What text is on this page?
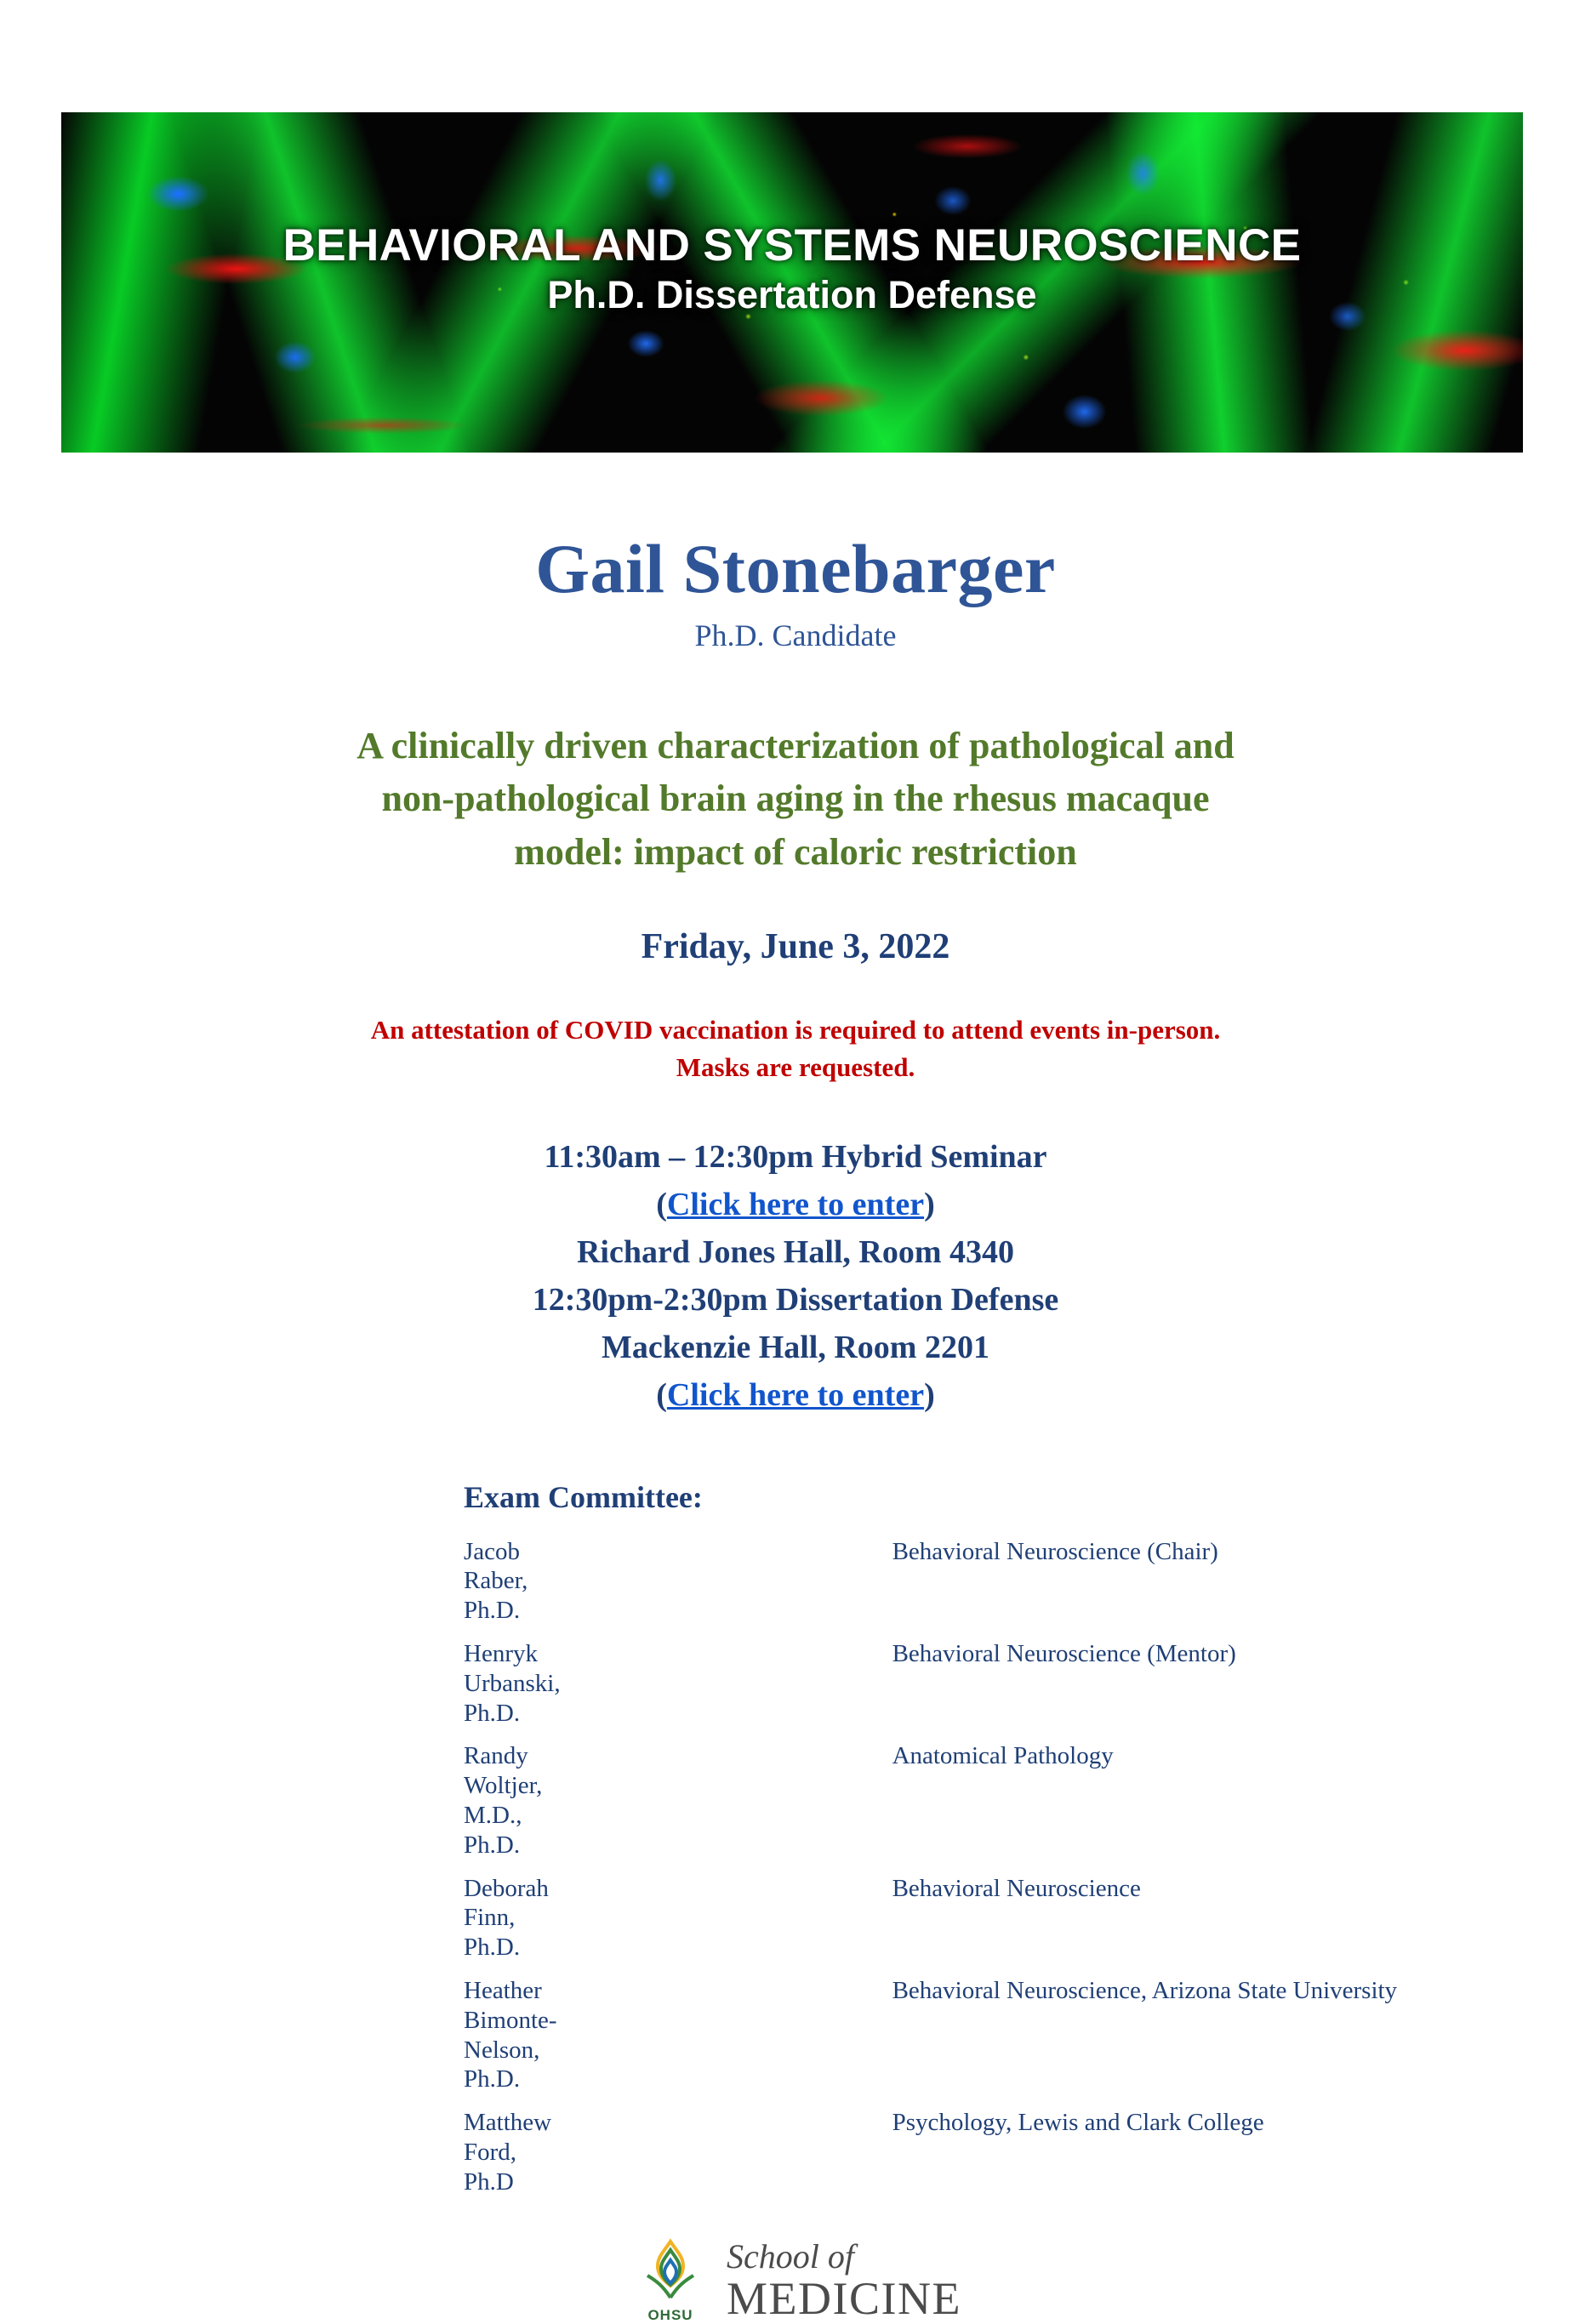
BEHAVIORAL AND SYSTEMS NEUROSCIENCE
Ph.D. Dissertation Defense
Gail Stonebarger
Ph.D. Candidate
A clinically driven characterization of pathological and
non-pathological brain aging in the rhesus macaque
model: impact of caloric restriction
Friday, June 3, 2022
An attestation of COVID vaccination is required to attend events in-person.
Masks are requested.
11:30am – 12:30pm Hybrid Seminar
(Click here to enter)
Richard Jones Hall, Room 4340
12:30pm-2:30pm Dissertation Defense
Mackenzie Hall, Room 2201
(Click here to enter)
Exam Committee:
Jacob Raber, Ph.D.	Behavioral Neuroscience (Chair)
Henryk Urbanski, Ph.D.	Behavioral Neuroscience (Mentor)
Randy Woltjer, M.D., Ph.D.	Anatomical Pathology
Deborah Finn, Ph.D.	Behavioral Neuroscience
Heather Bimonte-Nelson, Ph.D.	Behavioral Neuroscience, Arizona State University
Matthew Ford, Ph.D	Psychology, Lewis and Clark College
OHSU
School of
MEDICINE
